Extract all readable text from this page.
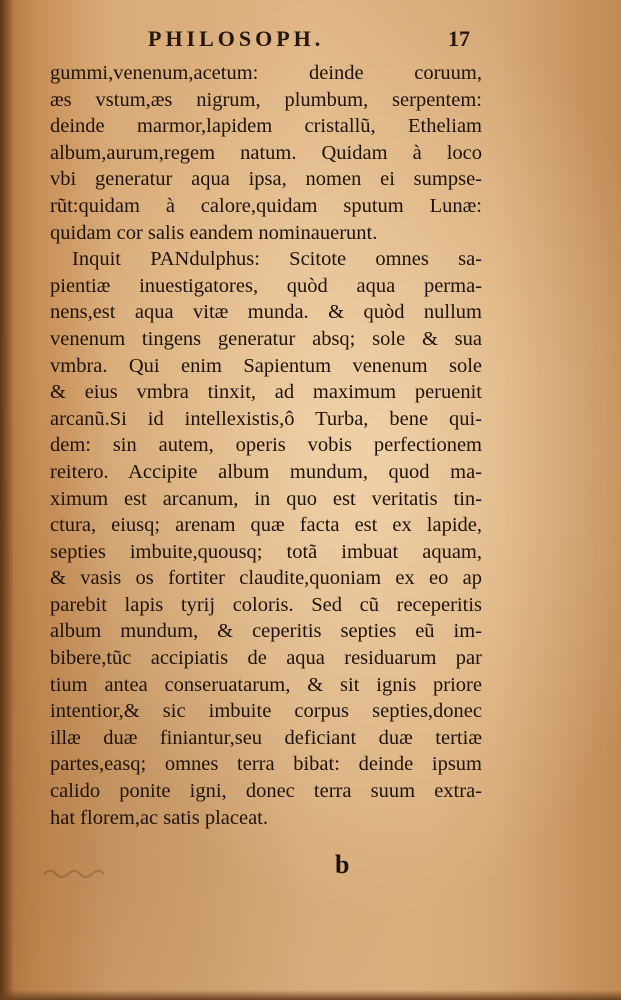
PHILOSOPH.	17
gummi,venenum,acetum: deinde coruum,
æs vstum,æs nigrum, plumbum, serpentem:
deinde marmor,lapidem cristallũ, Etheliam
album,aurum,regem natum. Quidam à loco
vbi generatur aqua ipsa, nomen ei sumpse-
rũt:quidam à calore,quidam sputum Lunæ:
quidam cor salis eandem nominauerunt.
Inquit PANdulphus: Scitote omnes sa-
pientiæ inuestigatores, quòd aqua perma-
nens,est aqua vitæ munda. & quòd nullum
venenum tingens generatur absq; sole & sua
vmbra. Qui enim Sapientum venenum sole
& eius vmbra tinxit, ad maximum peruenit
arcanũ.Si id intellexistis,ô Turba, bene qui-
dem: sin autem, operis vobis perfectionem
reitero. Accipite album mundum, quod ma-
ximum est arcanum, in quo est veritatis tin-
ctura, eiusq; arenam quæ facta est ex lapide,
septies imbuite,quousq; totã imbuat aquam,
& vasis os fortiter claudite,quoniam ex eo ap
parebit lapis tyrij coloris. Sed cũ receperitis
album mundum, & ceperitis septies eũ im-
bibere,tũc accipiatis de aqua residuarum par
tium antea conseruatarum, & sit ignis priore
intentior,& sic imbuite corpus septies,donec
illæ duæ finiantur,seu deficiant duæ tertiæ
partes,easq; omnes terra bibat: deinde ipsum
calido ponite igni, donec terra suum extra-
hat florem,ac satis placeat.
b
